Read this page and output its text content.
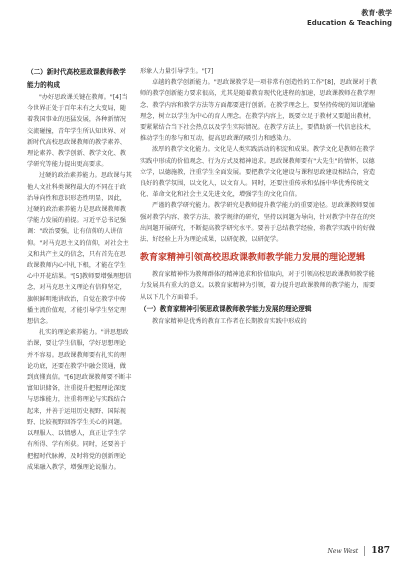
教育·教学
Education & Teaching
（二）新时代高校思政课教师教学能力的构成

"办好思政课关键在教师。"[4]当今世界正处于百年未有之大变局，随着我国事业的迅猛发展，各种新情况交流碰撞，青年学生所认知世界、对新时代高校思政课教师的教学素养、理论素养、教学创新、教学文化、教学研究等能力提出更高要求。

过硬的政治素养能力。思政课与其他人文社科类课程最大的不同在于政治导向性和意识形态性明显，因此，过硬的政治素养能力是思政课教师教学能力发展的前提。习近平总书记强调："政治要强，让有信仰的人讲信仰。"对马克思主义的信仰，对社会主义和共产主义的信念，只有首先在思政课教师内心中扎下根，才能在学生心中开花结果。"[5]教师要增强理想信念，对马克思主义理论有信仰坚定，旗帜鲜明地讲政治，自觉在教学中传播主流价值观，才能引导学生坚定理想信念。

扎实的理论素养能力。"讲思想政治课，要让学生信服，学好思想理论并不容易。思政课教师要有扎实的理论功底，还要在教学中融会贯通，做到真懂真信。"[6]思政课教师要不断丰富知识储备，注重提升把握理论深度与思维能力，注重将理论与实践结合起来，并善于运用历史视野、国际视野、比较视野回答学生关心的问题。以理服人、以情感人，真正让学生学有所得、学有所获。同时，还要善于把握时代脉搏，及时将党的创新理论成果融入教学，增强理论说服力。

形象人力量引导学生。"[7]

卓越的教学创新能力。"思政课教学是一项非常有创造性的工作"[8]，思政课对于教师的教学创新能力要求很高，尤其是随着教育现代化进程的加速，思政课教师在教学理念、教学内容和教学方法等方面都要进行创新。在教学理念上，要坚持传统的知识灌输理念，树立以学生为中心的育人理念。在教学内容上，既要立足于教材又要超出教材，要紧紧结合当下社会热点以及学生实际情况。在教学方法上，要借助新一代信息技术，推动学生的参与和互动，提高思政课的吸引力和感染力。

浓厚的教学文化能力。文化是人类实践活动的积淀和成果。教学文化是教师在教学实践中形成的价值观念、行为方式及精神追求。思政课教师要有"大先生"的情怀，以德立学，以德施教，注重学生全面发展。要把教学文化建设与课程思政建设相结合，营造良好的教学氛围，以文化人，以文育人。同时，还要注重传承和弘扬中华优秀传统文化、革命文化和社会主义先进文化，增强学生的文化自信。

严谨的教学研究能力。教学研究是教师提升教学能力的重要途径。思政课教师要加强对教学内容、教学方法、教学规律的研究，坚持以问题为导向，针对教学中存在的突出问题开展研究，不断提高教学研究水平。要善于总结教学经验，将教学实践中的好做法、好经验上升为理论成果，以研促教，以研促学。

教育家精神引领高校思政课教师教学能力发展的理论逻辑

教育家精神作为教师群体的精神追求和价值取向，对于引领高校思政课教师教学能力发展具有重大的意义。以教育家精神为引领，着力提升思政课教师的教学能力，需要从以下几个方面着手。

（一）教育家精神引领思政课教师教学能力发展的理论逻辑

教育家精神是优秀的教育工作者在长期教育实践中形成的

New West 187
